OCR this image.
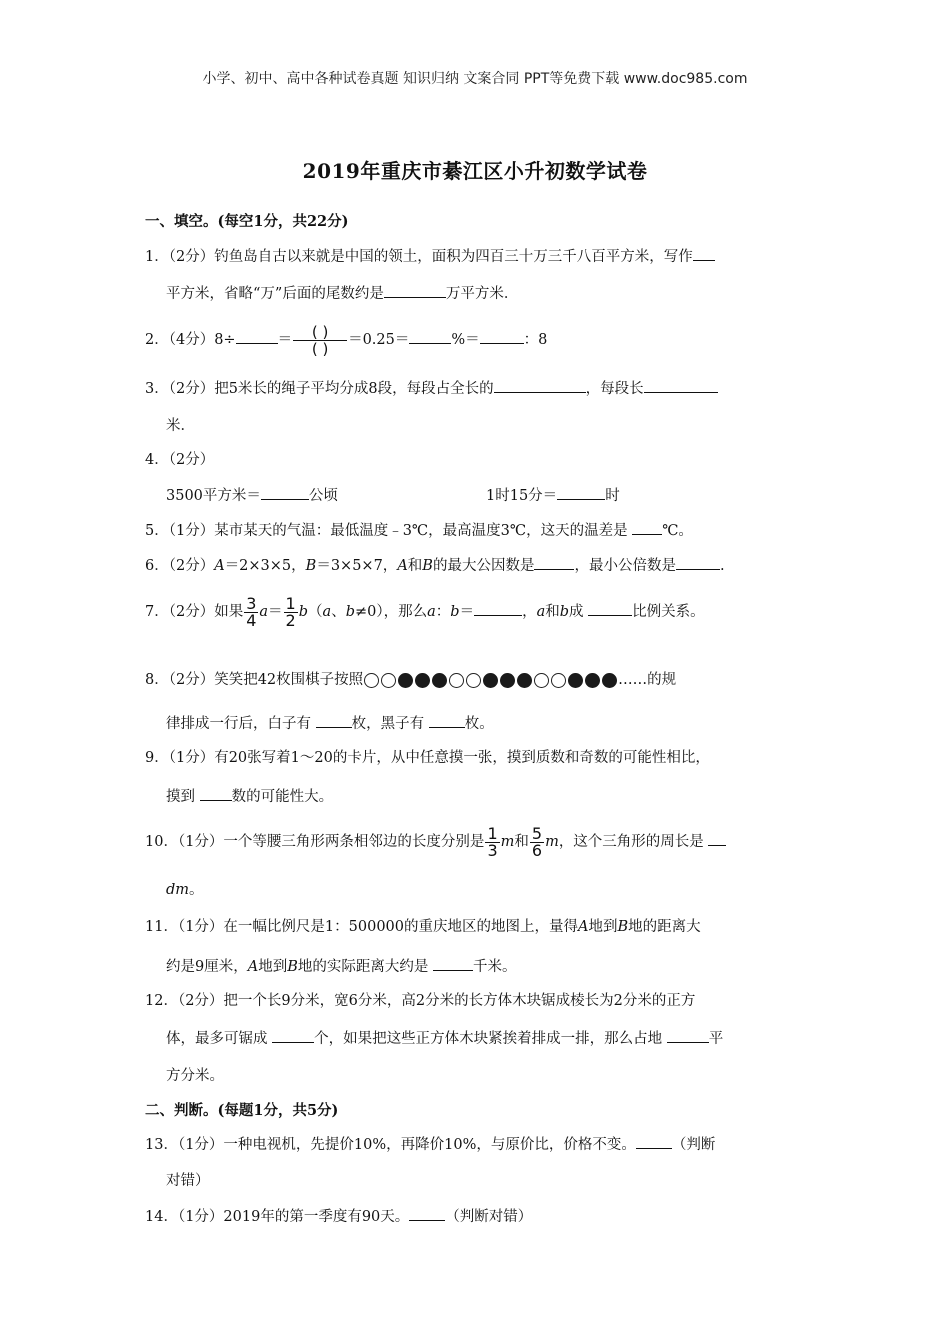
小学、初中、高中各种试卷真题 知识归纳 文案合同 PPT等免费下载 www.doc985.com
2019年重庆市綦江区小升初数学试卷
一、填空。(每空1分，共22分)
1．（2分）钓鱼岛自古以来就是中国的领土，面积为四百三十万三千八百平方米，写作
平方米，省略“万”后面的尾数约是	万平方米．
2．（4分）8÷	＝ $\frac{( )}{( )} =0.25=$	%＝	：8
3．（2分）把5米长的绳子平均分成8段，每段占全长的	，每段长
米．
4．（2分）
3500平方米＝	公顷	1时15分＝	时
5．（1分）某市某天的气温：最低温度﹣3℃，最高温度3℃，这天的温差是 ℃。
6．（2分）A＝2×3×5，B＝3×5×7，A和B的最大公因数是	，最小公倍数是	.
7．（2分）如果 $\frac{3}{4} a= \frac{1}{2} b(a$、b≠0），那么a：b＝	，a和b成	比例关系。
8．（2分）笑笑把42枚围棋子按照	……的规
律排成一行后，白子有	枚，黑子有	枚。
9．（1分）有20张写着1～20的卡片，从中任意摸一张，摸到质数和奇数的可能性相比，
摸到	数的可能性大。
10．（1分）一个等腰三角形两条相邻边的长度分别是 $\frac{1}{3}$ m和 $\frac{5}{6}$ m，这个三角形的周长是
dm。
11．（1分）在一幅比例尺是1：500000的重庆地区的地图上，量得A地到B地的距离大
约是9厘米，A地到B地的实际距离大约是	千米。
12．（2分）把一个长9分米，宽6分米，高2分米的长方体木块锯成棱长为2分米的正方
体，最多可锯成	个，如果把这些正方体木块紧挨着排成一排，那么占地	平
方分米。
二、判断。(每题1分，共5分)
13．（1分）一种电视机，先提价10%，再降价10%，与原价比，价格不变。 （判断
对错）
14．（1分）2019年的第一季度有90天。 （判断对错）
